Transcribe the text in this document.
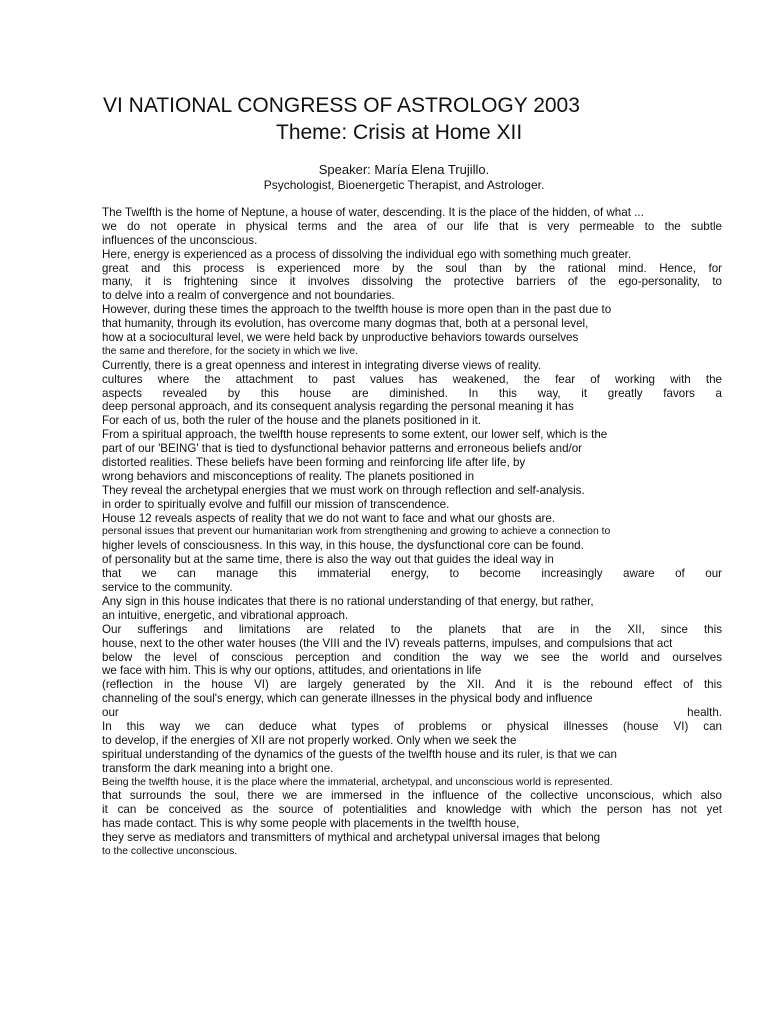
VI NATIONAL CONGRESS OF ASTROLOGY 2003
Theme: Crisis at Home XII
Speaker: María Elena Trujillo.
Psychologist, Bioenergetic Therapist, and Astrologer.
The Twelfth is the home of Neptune, a house of water, descending. It is the place of the hidden, of what ...
we do not operate in physical terms and the area of our life that is very permeable to the subtle
influences of the unconscious.
Here, energy is experienced as a process of dissolving the individual ego with something much greater.
great and this process is experienced more by the soul than by the rational mind. Hence, for
many, it is frightening since it involves dissolving the protective barriers of the ego-personality, to
to delve into a realm of convergence and not boundaries.
However, during these times the approach to the twelfth house is more open than in the past due to
that humanity, through its evolution, has overcome many dogmas that, both at a personal level,
how at a sociocultural level, we were held back by unproductive behaviors towards ourselves
the same and therefore, for the society in which we live.
Currently, there is a great openness and interest in integrating diverse views of reality.
cultures where the attachment to past values has weakened, the fear of working with the
aspects revealed by this house are diminished. In this way, it greatly favors a
deep personal approach, and its consequent analysis regarding the personal meaning it has
For each of us, both the ruler of the house and the planets positioned in it.
From a spiritual approach, the twelfth house represents to some extent, our lower self, which is the
part of our 'BEING' that is tied to dysfunctional behavior patterns and erroneous beliefs and/or
distorted realities. These beliefs have been forming and reinforcing life after life, by
wrong behaviors and misconceptions of reality. The planets positioned in
They reveal the archetypal energies that we must work on through reflection and self-analysis.
in order to spiritually evolve and fulfill our mission of transcendence.
House 12 reveals aspects of reality that we do not want to face and what our ghosts are.
personal issues that prevent our humanitarian work from strengthening and growing to achieve a connection to
higher levels of consciousness. In this way, in this house, the dysfunctional core can be found.
of personality but at the same time, there is also the way out that guides the ideal way in
that we can manage this immaterial energy, to become increasingly aware of our
service to the community.
Any sign in this house indicates that there is no rational understanding of that energy, but rather,
an intuitive, energetic, and vibrational approach.
Our sufferings and limitations are related to the planets that are in the XII, since this
house, next to the other water houses (the VIII and the IV) reveals patterns, impulses, and compulsions that act
below the level of conscious perception and condition the way we see the world and ourselves
we face with him. This is why our options, attitudes, and orientations in life
(reflection in the house VI) are largely generated by the XII. And it is the rebound effect of this
channeling of the soul's energy, which can generate illnesses in the physical body and influence
our health.
In this way we can deduce what types of problems or physical illnesses (house VI) can
to develop, if the energies of XII are not properly worked. Only when we seek the
spiritual understanding of the dynamics of the guests of the twelfth house and its ruler, is that we can
transform the dark meaning into a bright one.
Being the twelfth house, it is the place where the immaterial, archetypal, and unconscious world is represented.
that surrounds the soul, there we are immersed in the influence of the collective unconscious, which also
it can be conceived as the source of potentialities and knowledge with which the person has not yet
has made contact. This is why some people with placements in the twelfth house,
they serve as mediators and transmitters of mythical and archetypal universal images that belong
to the collective unconscious.
